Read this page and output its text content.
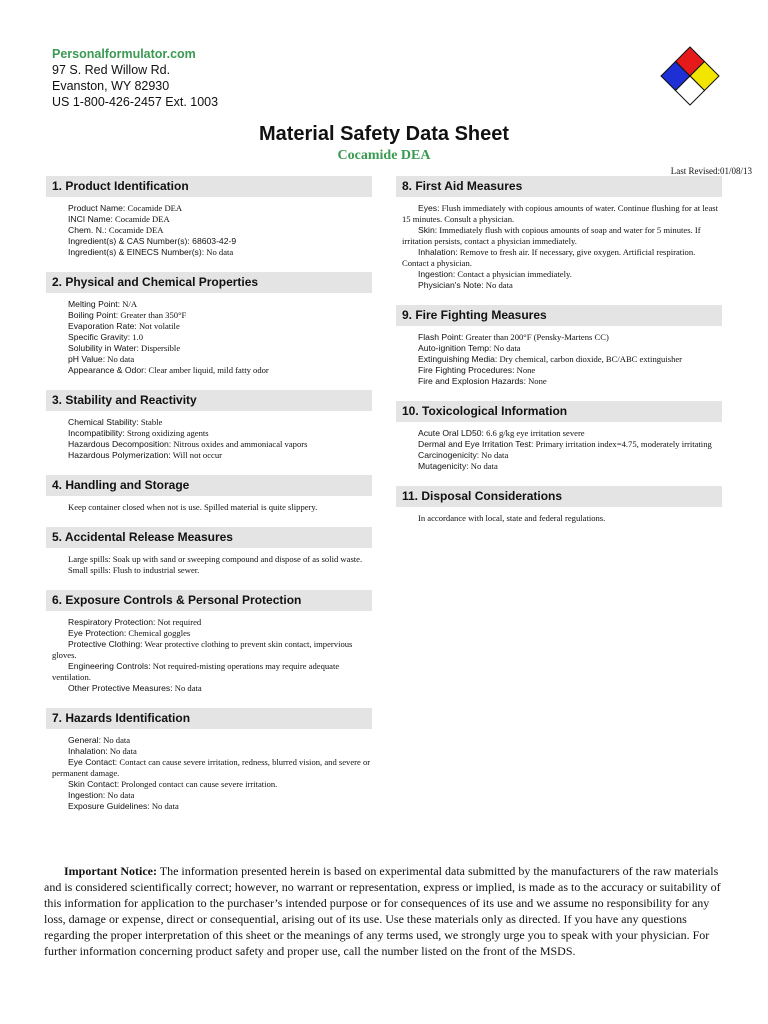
Personalformulator.com
97 S. Red Willow Rd.
Evanston, WY 82930
US 1-800-426-2457 Ext. 1003
Material Safety Data Sheet
Cocamide DEA
Last Revised:01/08/13
1. Product Identification
Product Name: Cocamide DEA
INCI Name: Cocamide DEA
Chem. N.: Cocamide DEA
Ingredient(s) & CAS Number(s): 68603-42-9
Ingredient(s) & EINECS Number(s): No data
2. Physical and Chemical Properties
Melting Point: N/A
Boiling Point: Greater than 350°F
Evaporation Rate: Not volatile
Specific Gravity: 1.0
Solubility in Water: Dispersible
pH Value: No data
Appearance & Odor: Clear amber liquid, mild fatty odor
3. Stability and Reactivity
Chemical Stability: Stable
Incompatibility: Strong oxidizing agents
Hazardous Decomposition: Nitrous oxides and ammoniacal vapors
Hazardous Polymerization: Will not occur
4. Handling and Storage
Keep container closed when not is use. Spilled material is quite slippery.
5. Accidental Release Measures
Large spills: Soak up with sand or sweeping compound and dispose of as solid waste.
Small spills: Flush to industrial sewer.
6. Exposure Controls & Personal Protection
Respiratory Protection: Not required
Eye Protection: Chemical goggles
Protective Clothing: Wear protective clothing to prevent skin contact, impervious gloves.
Engineering Controls: Not required-misting operations may require adequate ventilation.
Other Protective Measures: No data
7. Hazards Identification
General: No data
Inhalation: No data
Eye Contact: Contact can cause severe irritation, redness, blurred vision, and severe or permanent damage.
Skin Contact: Prolonged contact can cause severe irritation.
Ingestion: No data
Exposure Guidelines: No data
8. First Aid Measures
Eyes: Flush immediately with copious amounts of water. Continue flushing for at least 15 minutes. Consult a physician.
Skin: Immediately flush with copious amounts of soap and water for 5 minutes. If irritation persists, contact a physician immediately.
Inhalation: Remove to fresh air. If necessary, give oxygen. Artificial respiration. Contact a physician.
Ingestion: Contact a physician immediately.
Physician's Note: No data
9. Fire Fighting Measures
Flash Point: Greater than 200°F (Pensky-Martens CC)
Auto-ignition Temp: No data
Extinguishing Media: Dry chemical, carbon dioxide, BC/ABC extinguisher
Fire Fighting Procedures: None
Fire and Explosion Hazards: None
10. Toxicological Information
Acute Oral LD50: 6.6 g/kg eye irritation severe
Dermal and Eye Irritation Test: Primary irritation index=4.75, moderately irritating
Carcinogenicity: No data
Mutagenicity: No data
11. Disposal Considerations
In accordance with local, state and federal regulations.
Important Notice: The information presented herein is based on experimental data submitted by the manufacturers of the raw materials and is considered scientifically correct; however, no warrant or representation, express or implied, is made as to the accuracy or suitability of this information for application to the purchaser’s intended purpose or for consequences of its use and we assume no responsibility for any loss, damage or expense, direct or consequential, arising out of its use. Use these materials only as directed. If you have any questions regarding the proper interpretation of this sheet or the meanings of any terms used, we strongly urge you to speak with your physician. For further information concerning product safety and proper use, call the number listed on the front of the MSDS.
